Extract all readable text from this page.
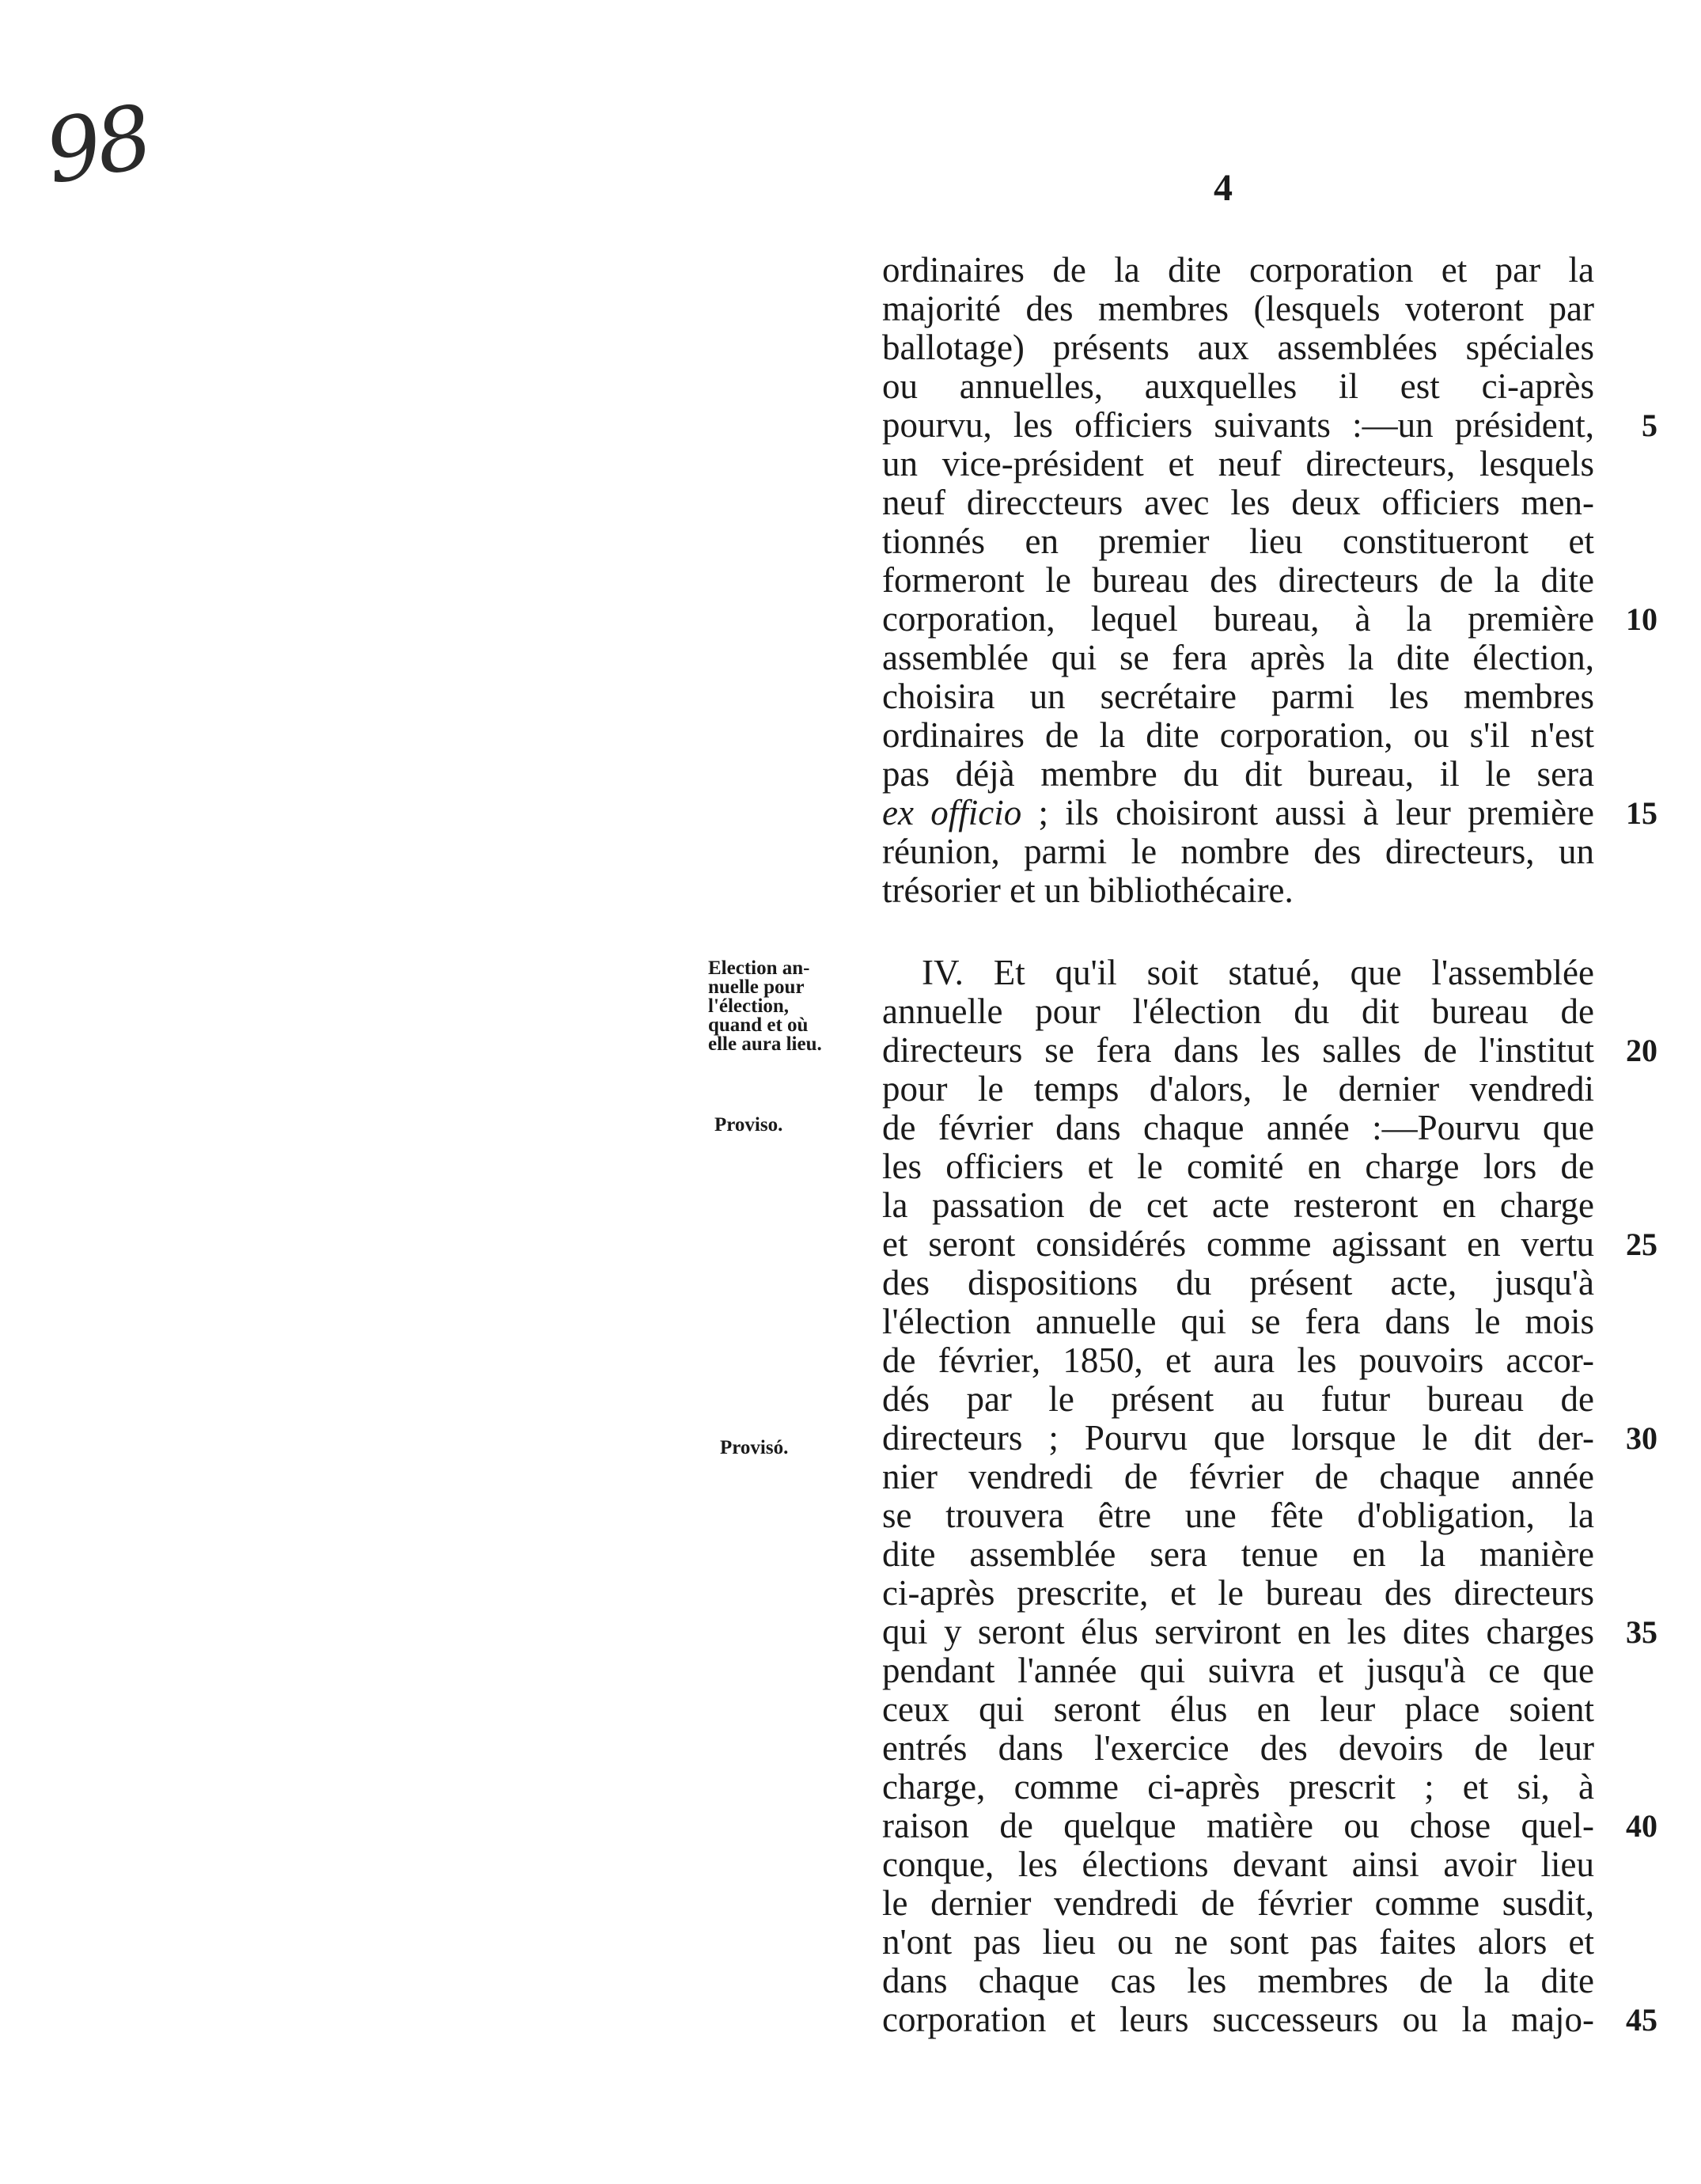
98	4
Election an-
nuelle pour
l'élection,
quand et où
elle aura lieu.
Proviso.
Provisó.
ordinaires de la dite corporation et par la
majorité des membres (lesquels voteront par
ballotage) présents aux assemblées spéciales
ou annuelles, auxquelles il est ci-après
pourvu, les officiers suivants :—un président,	5
un vice-président et neuf directeurs, lesquels
neuf direccteurs avec les deux officiers men-
tionnés en premier lieu constitueront et
formeront le bureau des directeurs de la dite
corporation, lequel bureau, à la première	10
assemblée qui se fera après la dite élection,
choisira un secrétaire parmi les membres
ordinaires de la dite corporation, ou s'il n'est
pas déjà membre du dit bureau, il le sera
ex officio ; ils choisiront aussi à leur première 15
réunion, parmi le nombre des directeurs, un
trésorier et un bibliothécaire.
IV. Et qu'il soit statué, que l'assemblée
annuelle pour l'élection du dit bureau de
directeurs se fera dans les salles de l'institut	20
pour le temps d'alors, le dernier vendredi
de février dans chaque année :—Pourvu que
les officiers et le comité en charge lors de
la passation de cet acte resteront en charge
et seront considérés comme agissant en vertu	25
des dispositions du présent acte, jusqu'à
l'élection annuelle qui se fera dans le mois
de février, 1850, et aura les pouvoirs accor-
dés par le présent au futur bureau de
directeurs ; Pourvu que lorsque le dit der-	30
nier vendredi de février de chaque année
se trouvera être une fête d'obligation, la
dite assemblée sera tenue en la manière
ci-après prescrite, et le bureau des directeurs
qui y seront élus serviront en les dites charges	35
pendant l'année qui suivra et jusqu'à ce que
ceux qui seront élus en leur place soient
entrés dans l'exercice des devoirs de leur
charge, comme ci-après prescrit ; et si, à
raison de quelque matière ou chose quel-	40
conque, les élections devant ainsi avoir lieu
le dernier vendredi de février comme susdit,
n'ont pas lieu ou ne sont pas faites alors et
dans chaque cas les membres de la dite
corporation et leurs successeurs ou la majo-	45
